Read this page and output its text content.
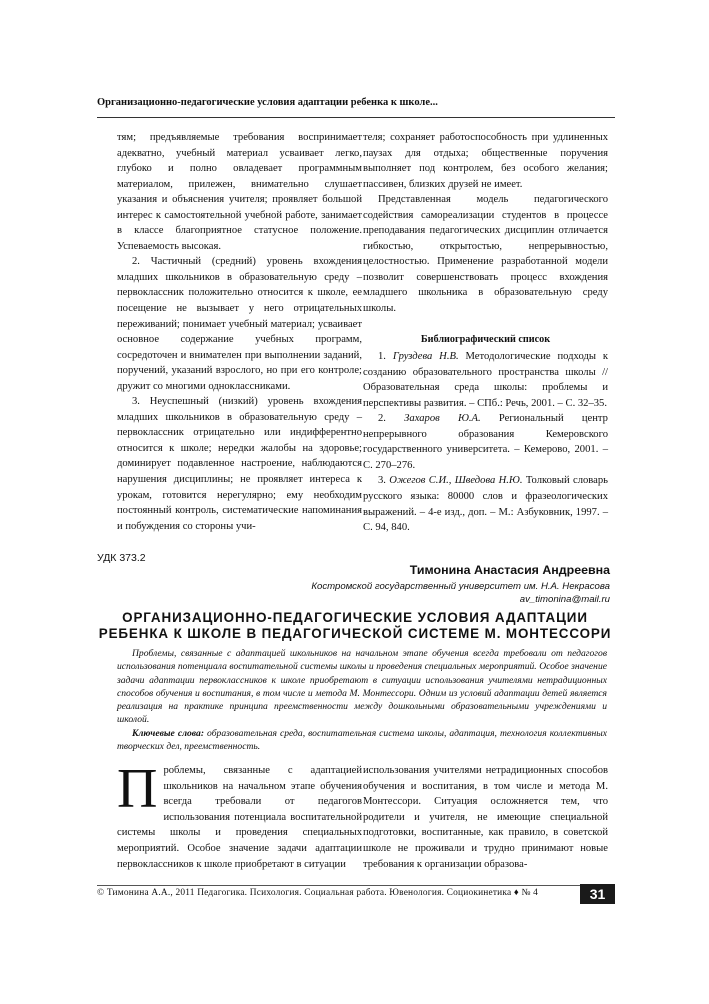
Организационно-педагогические условия адаптации ребенка к школе...

тям; предъявляемые требования воспринимает адекватно, учебный материал усваивает легко, глубоко и полно овладевает программным материалом, прилежен, внимательно слушает указания и объяснения учителя; проявляет большой интерес к самостоятельной учебной работе, занимает в классе благоприятное статусное положение. Успеваемость высокая.

2. Частичный (средний) уровень вхождения младших школьников в образовательную среду – первоклассник положительно относится к школе, ее посещение не вызывает у него отрицательных переживаний; понимает учебный материал; усваивает основное содержание учебных программ, сосредоточен и внимателен при выполнении заданий, поручений, указаний взрослого, но при его контроле; дружит со многими одноклассниками.

3. Неуспешный (низкий) уровень вхождения младших школьников в образовательную среду – первоклассник отрицательно или индифферентно относится к школе; нередки жалобы на здоровье; доминирует подавленное настроение, наблюдаются нарушения дисциплины; не проявляет интереса к урокам, готовится нерегулярно; ему необходим постоянный контроль, систематические напоминания и побуждения со стороны учи-

теля; сохраняет работоспособность при удлиненных паузах для отдыха; общественные поручения выполняет под контролем, без особого желания; пассивен, близких друзей не имеет.

Представленная модель педагогического содействия самореализации студентов в процессе преподавания педагогических дисциплин отличается гибкостью, открытостью, непрерывностью, целостностью. Применение разработанной модели позволит совершенствовать процесс вхождения младшего школьника в образовательную среду школы.

Библиографический список

1. Груздева Н.В. Методологические подходы к созданию образовательного пространства школы // Образовательная среда школы: проблемы и перспективы развития. – СПб.: Речь, 2001. – С. 32–35.

2. Захаров Ю.А. Региональный центр непрерывного образования Кемеровского государственного университета. – Кемерово, 2001. – С. 270–276.

3. Ожегов С.И., Шведова Н.Ю. Толковый словарь русского языка: 80000 слов и фразеологических выражений. – 4-е изд., доп. – М.: Азбуковник, 1997. – С. 94, 840.

УДК 373.2
Тимонина Анастасия Андреевна
Костромской государственный университет им. Н.А. Некрасова
av_timonina@mail.ru
ОРГАНИЗАЦИОННО-ПЕДАГОГИЧЕСКИЕ УСЛОВИЯ АДАПТАЦИИ РЕБЕНКА К ШКОЛЕ В ПЕДАГОГИЧЕСКОЙ СИСТЕМЕ М. МОНТЕССОРИ

Проблемы, связанные с адаптацией школьников на начальном этапе обучения всегда требовали от педагогов использования потенциала воспитательной системы школы и проведения специальных мероприятий. Особое значение задачи адаптации первоклассников к школе приобретают в ситуации использования учителями нетрадиционных способов обучения и воспитания, в том числе и метода М. Монтессори. Одним из условий адаптации детей является реализация на практике принципа преемственности между дошкольными образовательными учреждениями и школой.

Ключевые слова: образовательная среда, воспитательная система школы, адаптация, технология коллективных творческих дел, преемственность.

Проблемы, связанные с адаптацией школьников на начальном этапе обучения всегда требовали от педагогов использования потенциала воспитательной системы школы и проведения специальных мероприятий. Особое значение задачи адаптации первоклассников к школе приобретают в ситуации

использования учителями нетрадиционных способов обучения и воспитания, в том числе и метода М. Монтессори. Ситуация осложняется тем, что родители и учителя, не имеющие специальной подготовки, воспитанные, как правило, в советской школе не проживали и трудно принимают новые требования к организации образова-

© Тимонина А.А., 2011 Педагогика. Психология. Социальная работа. Ювенология. Социокинетика ♦ № 4	31
